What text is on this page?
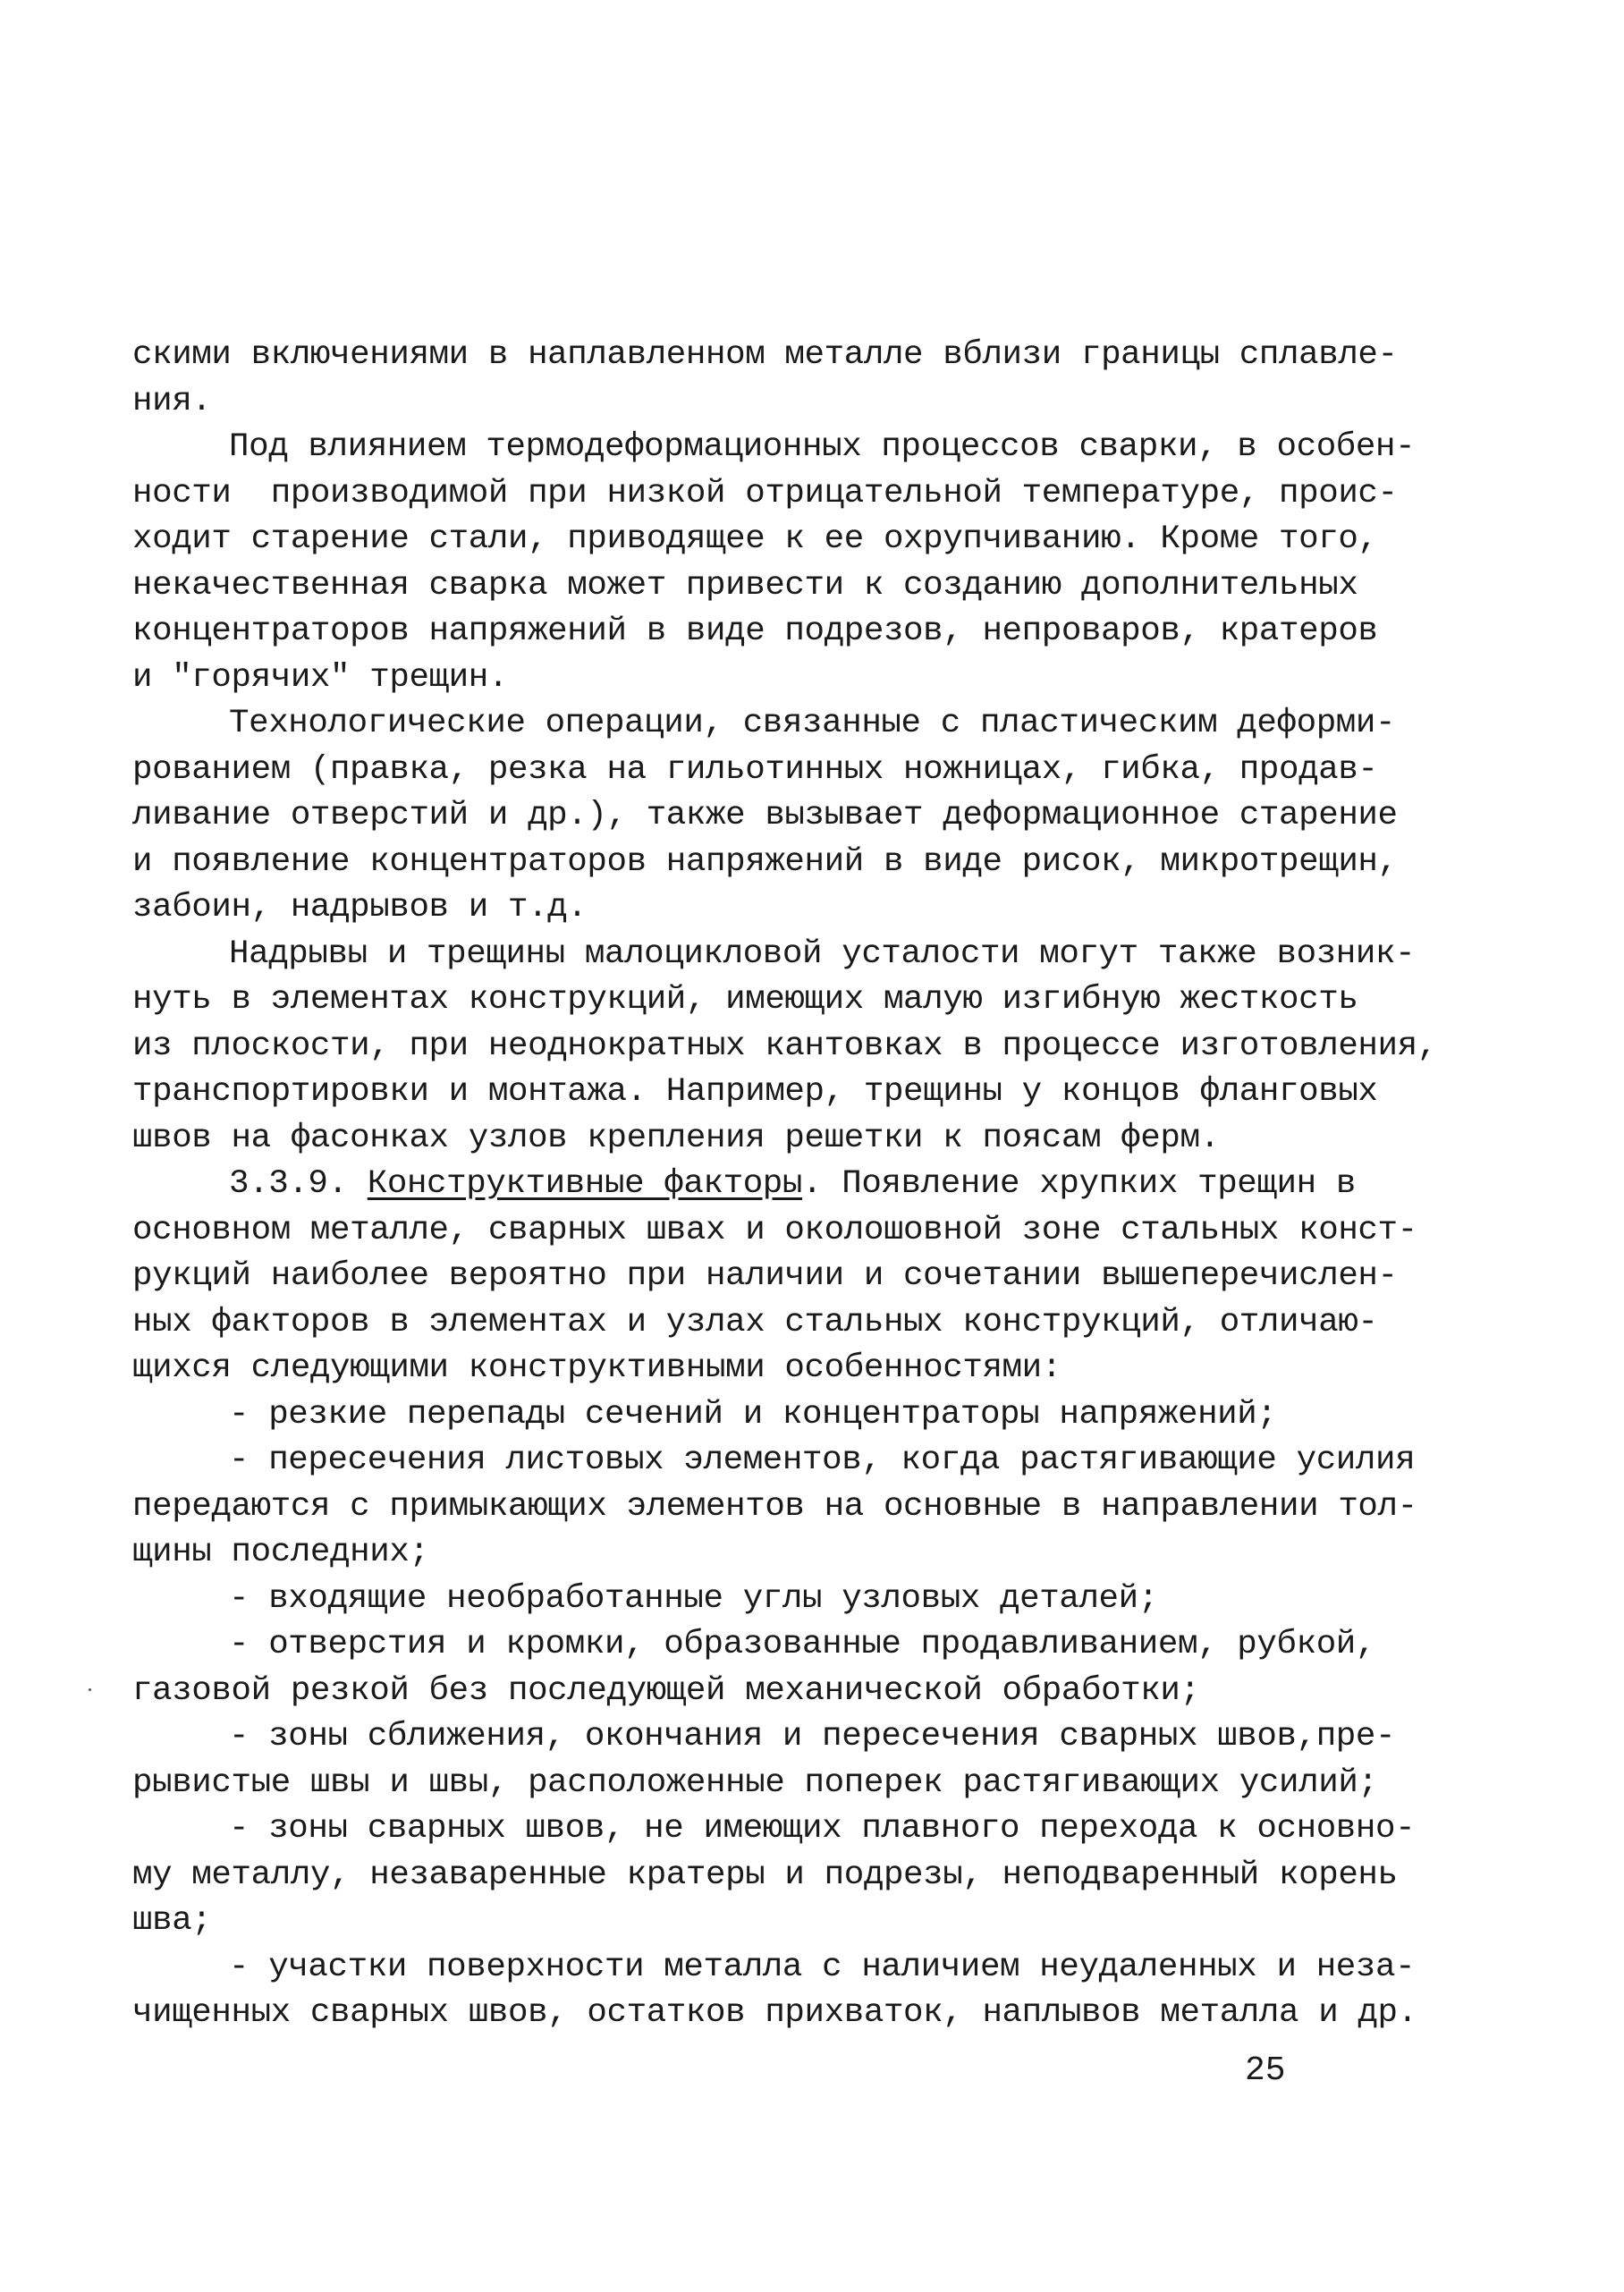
скими включениями в наплавленном металле вблизи границы сплавле-
ния.
Под влиянием термодеформационных процессов сварки, в особен-
ности  производимой при низкой отрицательной температуре, проис-
ходит старение стали, приводящее к ее охрупчиванию. Кроме того,
некачественная сварка может привести к созданию дополнительных
концентраторов напряжений в виде подрезов, непроваров, кратеров
и "горячих" трещин.
Технологические операции, связанные с пластическим деформи-
рованием (правка, резка на гильотинных ножницах, гибка, продав-
ливание отверстий и др.), также вызывает деформационное старение
и появление концентраторов напряжений в виде рисок, микротрещин,
забоин, надрывов и т.д.
Надрывы и трещины малоцикловой усталости могут также возник-
нуть в элементах конструкций, имеющих малую изгибную жесткость
из плоскости, при неоднократных кантовках в процессе изготовления,
транспортировки и монтажа. Например, трещины у концов фланговых
швов на фасонках узлов крепления решетки к поясам ферм.
3.3.9. Конструктивные факторы. Появление хрупких трещин в
основном металле, сварных швах и околошовной зоне стальных конст-
рукций наиболее вероятно при наличии и сочетании вышеперечислен-
ных факторов в элементах и узлах стальных конструкций, отличаю-
щихся следующими конструктивными особенностями:
- резкие перепады сечений и концентраторы напряжений;
- пересечения листовых элементов, когда растягивающие усилия
передаются с примыкающих элементов на основные в направлении тол-
щины последних;
- входящие необработанные углы узловых деталей;
- отверстия и кромки, образованные продавливанием, рубкой,
газовой резкой без последующей механической обработки;
- зоны сближения, окончания и пересечения сварных швов,пре-
рывистые швы и швы, расположенные поперек растягивающих усилий;
- зоны сварных швов, не имеющих плавного перехода к основно-
му металлу, незаваренные кратеры и подрезы, неподваренный корень
шва;
- участки поверхности металла с наличием неудаленных и неза-
чищенных сварных швов, остатков прихваток, наплывов металла и др.
25
